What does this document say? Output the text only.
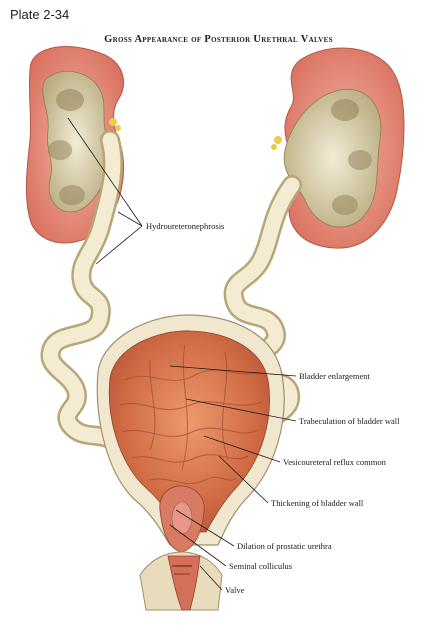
Plate 2-34
Gross Appearance of Posterior Urethral Valves
Hydroureteronephrosis
Bladder enlargement
Trabeculation of bladder wall
Vesicoureteral reflux common
Thickening of bladder wall
Dilation of prostatic urethra
Seminal colliculus
Valve
